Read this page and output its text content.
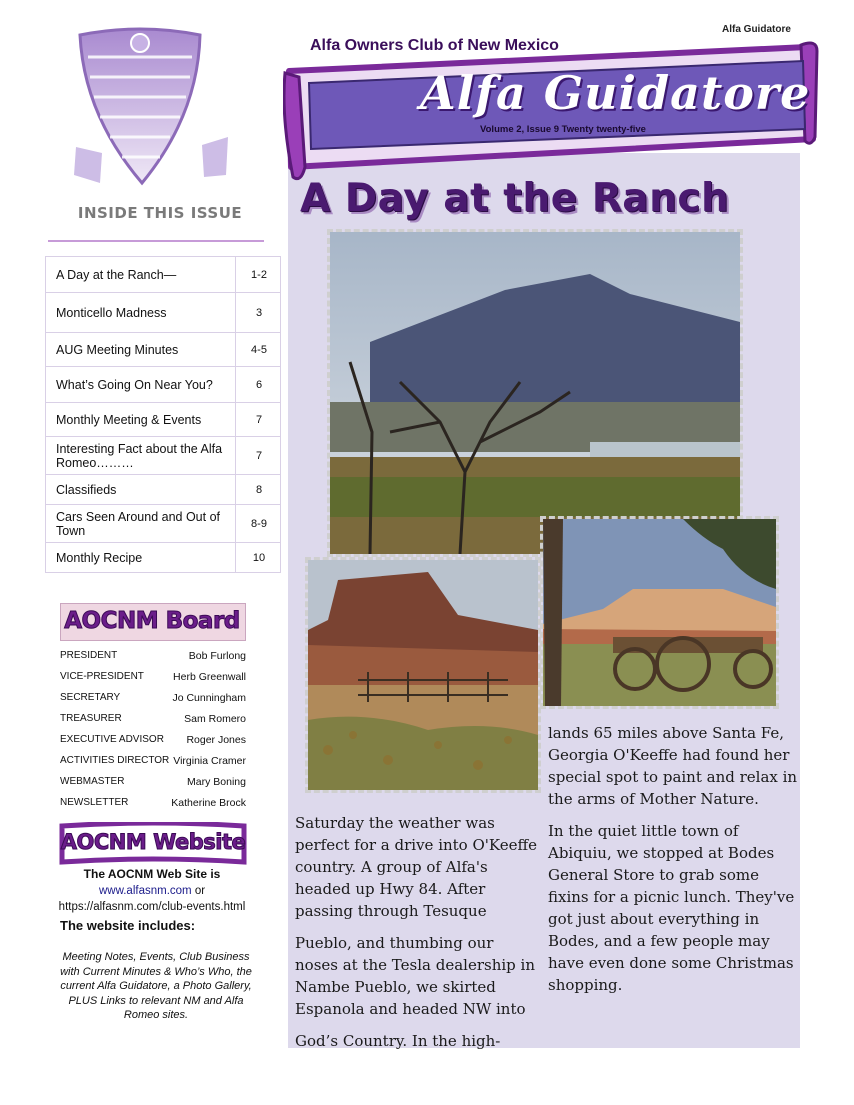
INSIDE THIS ISSUE
A Day at the Ranch—	1-2
Monticello Madness	3
AUG Meeting Minutes	4-5
What’s Going On Near You?	6
Monthly Meeting & Events	7
Interesting Fact about the Alfa Romeo………	7
Classifieds	8
Cars Seen Around and Out of Town	8-9
Monthly Recipe	10
AOCNM Board
PRESIDENT	Bob Furlong
VICE-PRESIDENT	Herb Greenwall
SECRETARY	Jo Cunningham
TREASURER	Sam Romero
EXECUTIVE ADVISOR Roger Jones
ACTIVITIES DIRECTOR Virginia Cramer
WEBMASTER	Mary Boning
NEWSLETTER	Katherine Brock
AOCNM Website
The AOCNM Web Site is
www.alfasnm.com or
https://alfasnm.com/club-events.html
The website includes:
Meeting Notes, Events, Club Business with Current Minutes & Who’s Who, the current Alfa Guidatore, a Photo Gallery, PLUS Links to relevant NM and Alfa Romeo sites.
Alfa Guidatore
Alfa Owners Club of New Mexico
Alfa Guidatore
Volume 2, Issue 9 Twenty twenty-five
A Day at the Ranch

Saturday the weather was perfect for a drive into O'Keeffe country. A group of Alfa's headed up Hwy 84. After passing through Tesuque

Pueblo, and thumbing our noses at the Tesla dealership in Nambe Pueblo, we skirted Espanola and headed NW into

God’s Country. In the high-

lands 65 miles above Santa Fe, Georgia O'Keeffe had found her special spot to paint and relax in the arms of Mother Nature.

In the quiet little town of Abiquiu, we stopped at Bodes General Store to grab some fixins for a picnic lunch. They've got just about everything in Bodes, and a few people may have even done some Christmas shopping.
